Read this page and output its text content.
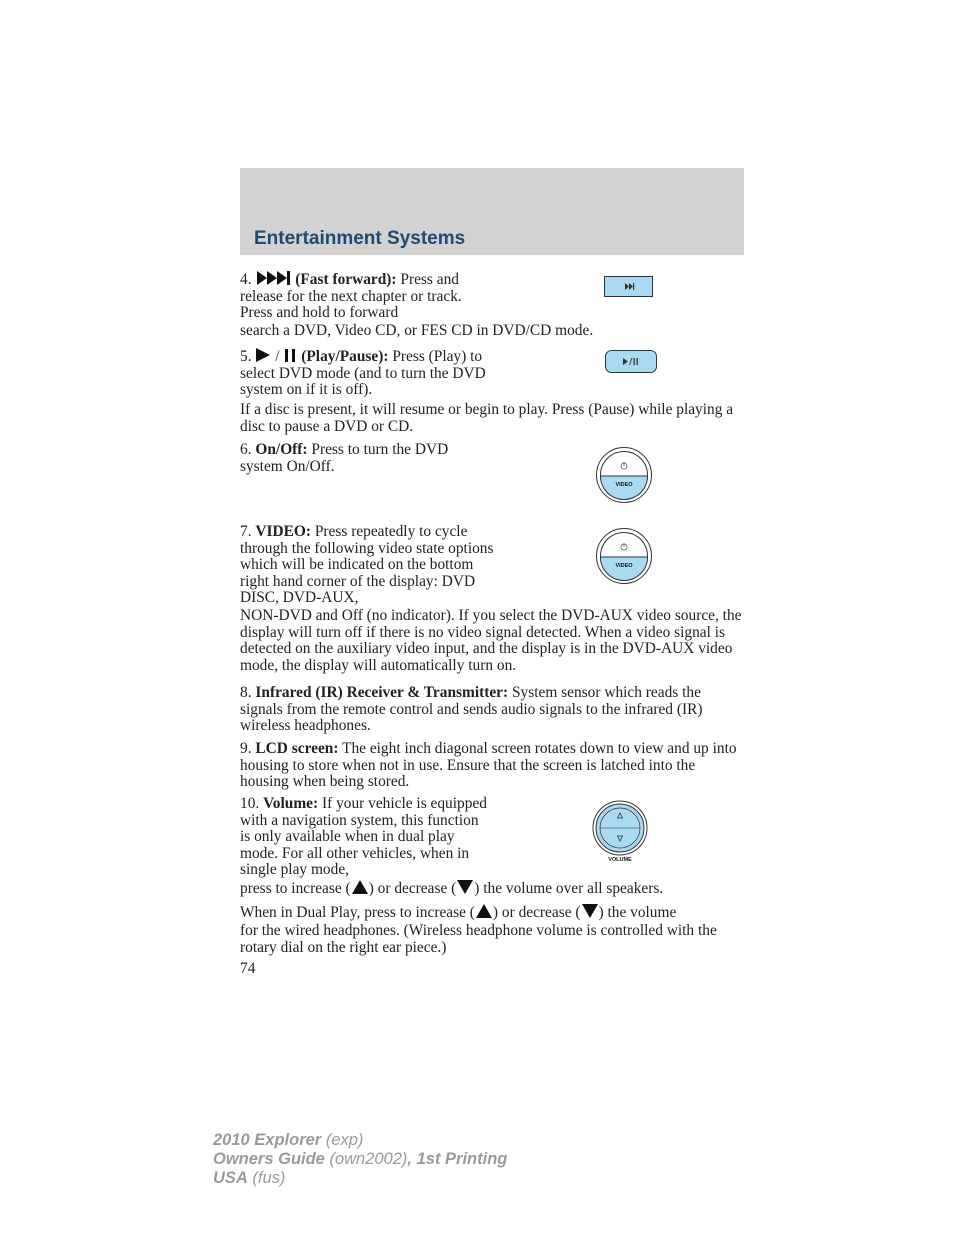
Entertainment Systems
4.	(Fast forward): Press and release for the next chapter or track. Press and hold to forward
search a DVD, Video CD, or FES CD in DVD/CD mode.
5. / (Play/Pause): Press (Play) to select DVD mode (and to turn the DVD system on if it is off).
If a disc is present, it will resume or begin to play. Press (Pause) while playing a disc to pause a DVD or CD.
6. On/Off: Press to turn the DVD system On/Off.
VIDEO
7. VIDEO: Press repeatedly to cycle through the following video state options which will be indicated on the bottom right hand corner of the display: DVD DISC, DVD-AUX,
NON-DVD and Off (no indicator). If you select the DVD-AUX video source, the display will turn off if there is no video signal detected. When a video signal is detected on the auxiliary video input, and the display is in the DVD-AUX video mode, the display will automatically turn on.
VIDEO
8. Infrared (IR) Receiver & Transmitter: System sensor which reads the signals from the remote control and sends audio signals to the infrared (IR) wireless headphones.
9. LCD screen: The eight inch diagonal screen rotates down to view and up into housing to store when not in use. Ensure that the screen is latched into the housing when being stored.
10. Volume: If your vehicle is equipped with a navigation system, this function is only available when in dual play mode. For all other vehicles, when in single play mode,
VOLUME
press to increase ( ) or decrease ( ) the volume over all speakers.
When in Dual Play, press to increase ( ) or decrease ( ) the volume
for the wired headphones. (Wireless headphone volume is controlled with the rotary dial on the right ear piece.)
74
2010 Explorer (exp)
Owners Guide (own2002), 1st Printing
USA (fus)
